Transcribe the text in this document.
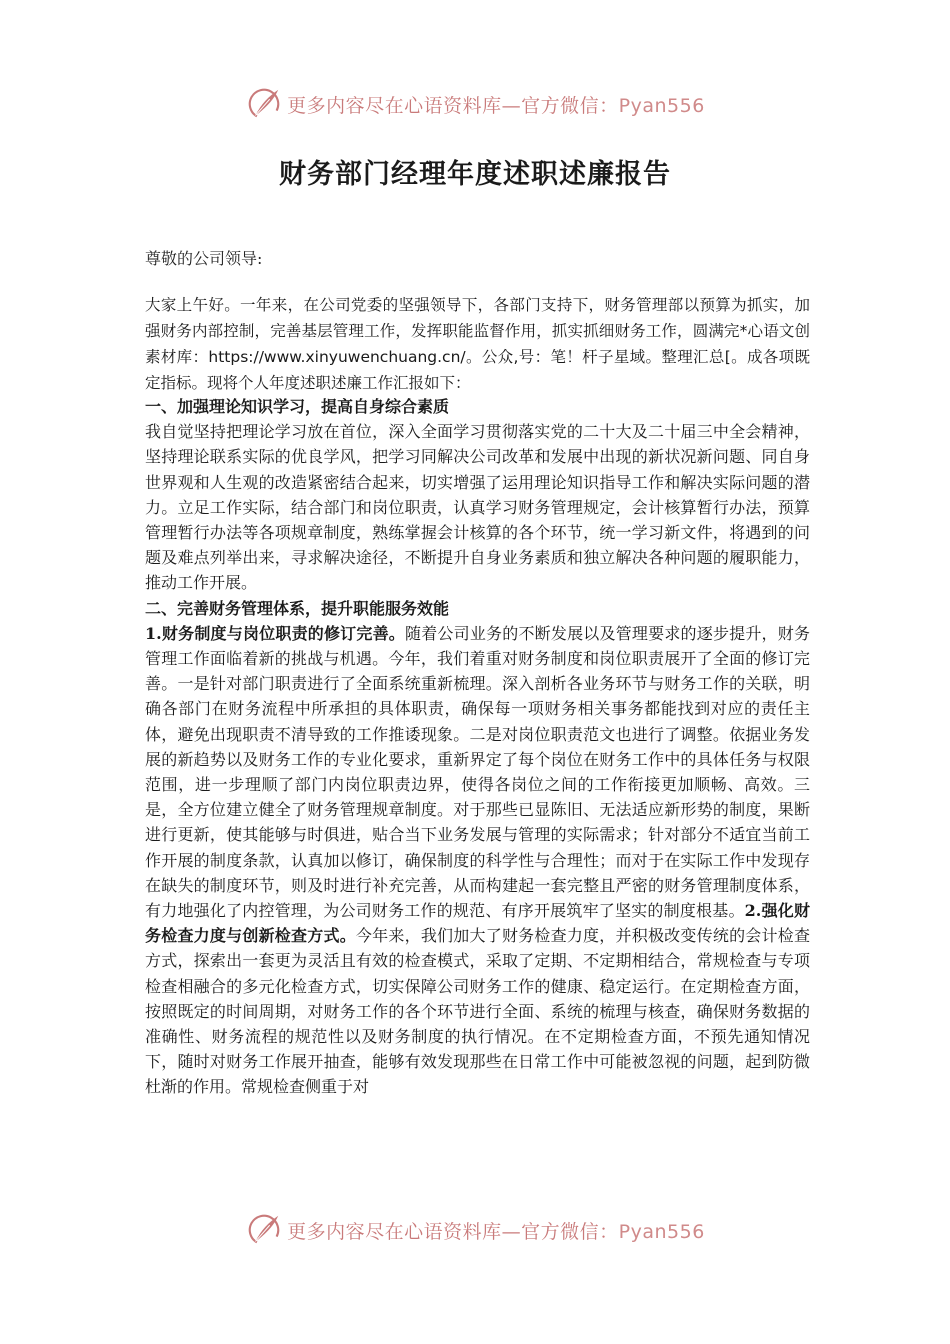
更多内容尽在心语资料库—官方微信：Pyan556
财务部门经理年度述职述廉报告
尊敬的公司领导:

大家上午好。一年来，在公司党委的坚强领导下，各部门支持下，财务管理部以预算为抓实，加强财务内部控制，完善基层管理工作，发挥职能监督作用，抓实抓细财务工作，圆满完*心语文创素材库：https://www.xinyuwenchuang.cn/。公众,号：笔！杆子星域。整理汇总[。成各项既定指标。现将个人年度述职述廉工作汇报如下：

一、加强理论知识学习，提高自身综合素质

我自觉坚持把理论学习放在首位，深入全面学习贯彻落实党的二十大及二十届三中全会精神，坚持理论联系实际的优良学风，把学习同解决公司改革和发展中出现的新状况新问题、同自身世界观和人生观的改造紧密结合起来，切实增强了运用理论知识指导工作和解决实际问题的潜力。立足工作实际，结合部门和岗位职责，认真学习财务管理规定，会计核算暂行办法，预算管理暂行办法等各项规章制度，熟练掌握会计核算的各个环节，统一学习新文件，将遇到的问题及难点列举出来，寻求解决途径，不断提升自身业务素质和独立解决各种问题的履职能力，推动工作开展。

二、完善财务管理体系，提升职能服务效能

1.财务制度与岗位职责的修订完善。随着公司业务的不断发展以及管理要求的逐步提升，财务管理工作面临着新的挑战与机遇。今年，我们着重对财务制度和岗位职责展开了全面的修订完善。一是针对部门职责进行了全面系统重新梳理。深入剖析各业务环节与财务工作的关联，明确各部门在财务流程中所承担的具体职责，确保每一项财务相关事务都能找到对应的责任主体，避免出现职责不清导致的工作推诿现象。二是对岗位职责范文也进行了调整。依据业务发展的新趋势以及财务工作的专业化要求，重新界定了每个岗位在财务工作中的具体任务与权限范围，进一步理顺了部门内岗位职责边界，使得各岗位之间的工作衔接更加顺畅、高效。三是，全方位建立健全了财务管理规章制度。对于那些已显陈旧、无法适应新形势的制度，果断进行更新，使其能够与时俱进，贴合当下业务发展与管理的实际需求；针对部分不适宜当前工作开展的制度条款，认真加以修订，确保制度的科学性与合理性；而对于在实际工作中发现存在缺失的制度环节，则及时进行补充完善，从而构建起一套完整且严密的财务管理制度体系，有力地强化了内控管理，为公司财务工作的规范、有序开展筑牢了坚实的制度根基。2.强化财务检查力度与创新检查方式。今年来，我们加大了财务检查力度，并积极改变传统的会计检查方式，探索出一套更为灵活且有效的检查模式，采取了定期、不定期相结合，常规检查与专项检查相融合的多元化检查方式，切实保障公司财务工作的健康、稳定运行。在定期检查方面，按照既定的时间周期，对财务工作的各个环节进行全面、系统的梳理与核查，确保财务数据的准确性、财务流程的规范性以及财务制度的执行情况。在不定期检查方面，不预先通知情况下，随时对财务工作展开抽查，能够有效发现那些在日常工作中可能被忽视的问题，起到防微杜渐的作用。常规检查侧重于对

更多内容尽在心语资料库—官方微信：Pyan556
